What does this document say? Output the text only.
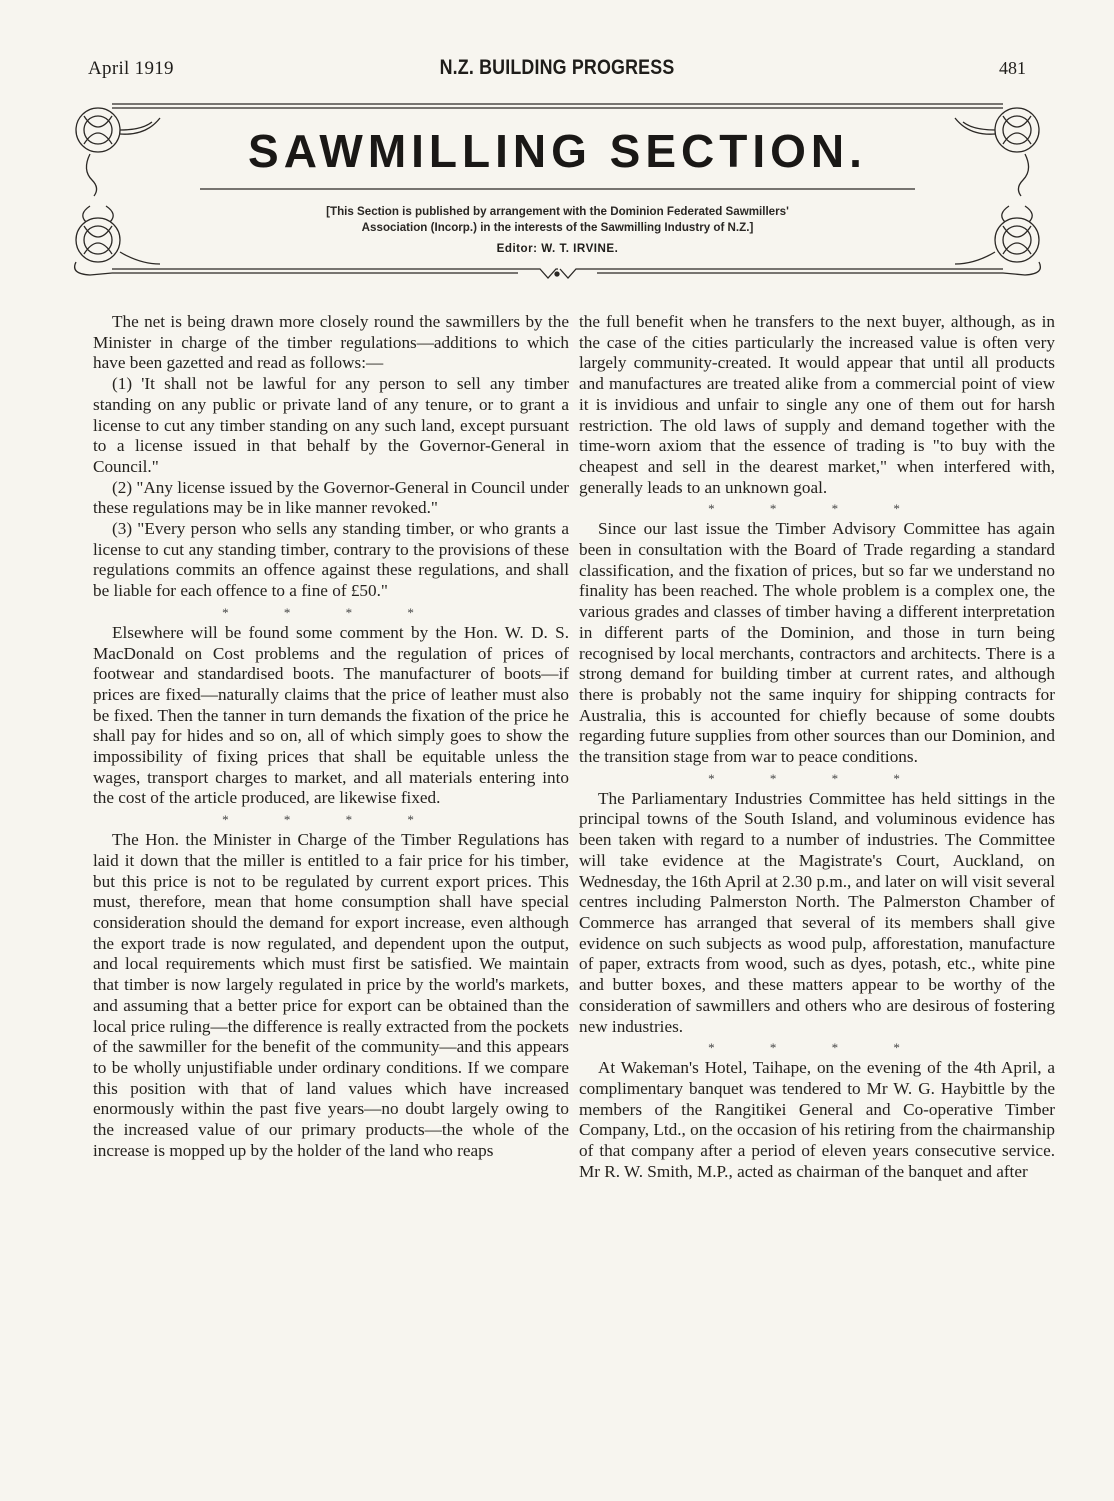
April 1919	N.Z. BUILDING PROGRESS	481
SAWMILLING SECTION.
[This Section is published by arrangement with the Dominion Federated Sawmillers'
Association (Incorp.) in the interests of the Sawmilling Industry of N.Z.]
Editor: W. T. IRVINE.

The net is being drawn more closely round the sawmillers by the Minister in charge of the timber regulations—additions to which have been gazetted and read as follows:—

(1) 'It shall not be lawful for any person to sell any timber standing on any public or private land of any tenure, or to grant a license to cut any timber standing on any such land, except pursuant to a license issued in that behalf by the Governor-General in Council."

(2) "Any license issued by the Governor-General in Council under these regulations may be in like manner revoked."

(3) "Every person who sells any standing timber, or who grants a license to cut any standing timber, contrary to the provisions of these regulations commits an offence against these regulations, and shall be liable for each offence to a fine of £50."

* * * *

Elsewhere will be found some comment by the Hon. W. D. S. MacDonald on Cost problems and the regulation of prices of footwear and standardised boots. The manufacturer of boots—if prices are fixed—naturally claims that the price of leather must also be fixed. Then the tanner in turn demands the fixation of the price he shall pay for hides and so on, all of which simply goes to show the impossibility of fixing prices that shall be equitable unless the wages, transport charges to market, and all materials entering into the cost of the article produced, are likewise fixed.

* * * *

The Hon. the Minister in Charge of the Timber Regulations has laid it down that the miller is entitled to a fair price for his timber, but this price is not to be regulated by current export prices. This must, therefore, mean that home consumption shall have special consideration should the demand for export increase, even although the export trade is now regulated, and dependent upon the output, and local requirements which must first be satisfied. We maintain that timber is now largely regulated in price by the world's markets, and assuming that a better price for export can be obtained than the local price ruling—the difference is really extracted from the pockets of the sawmiller for the benefit of the community—and this appears to be wholly unjustifiable under ordinary conditions. If we compare this position with that of land values which have increased enormously within the past five years—no doubt largely owing to the increased value of our primary products—the whole of the increase is mopped up by the holder of the land who reaps

the full benefit when he transfers to the next buyer, although, as in the case of the cities particularly the increased value is often very largely community-created. It would appear that until all products and manufactures are treated alike from a commercial point of view it is invidious and unfair to single any one of them out for harsh restriction. The old laws of supply and demand together with the time-worn axiom that the essence of trading is "to buy with the cheapest and sell in the dearest market," when interfered with, generally leads to an unknown goal.

* * * *

Since our last issue the Timber Advisory Committee has again been in consultation with the Board of Trade regarding a standard classification, and the fixation of prices, but so far we understand no finality has been reached. The whole problem is a complex one, the various grades and classes of timber having a different interpretation in different parts of the Dominion, and those in turn being recognised by local merchants, contractors and architects. There is a strong demand for building timber at current rates, and although there is probably not the same inquiry for shipping contracts for Australia, this is accounted for chiefly because of some doubts regarding future supplies from other sources than our Dominion, and the transition stage from war to peace conditions.

* * * *

The Parliamentary Industries Committee has held sittings in the principal towns of the South Island, and voluminous evidence has been taken with regard to a number of industries. The Committee will take evidence at the Magistrate's Court, Auckland, on Wednesday, the 16th April at 2.30 p.m., and later on will visit several centres including Palmerston North. The Palmerston Chamber of Commerce has arranged that several of its members shall give evidence on such subjects as wood pulp, afforestation, manufacture of paper, extracts from wood, such as dyes, potash, etc., white pine and butter boxes, and these matters appear to be worthy of the consideration of sawmillers and others who are desirous of fostering new industries.

* * * *

At Wakeman's Hotel, Taihape, on the evening of the 4th April, a complimentary banquet was tendered to Mr W. G. Haybittle by the members of the Rangitikei General and Co-operative Timber Company, Ltd., on the occasion of his retiring from the chairmanship of that company after a period of eleven years consecutive service. Mr R. W. Smith, M.P., acted as chairman of the banquet and after
